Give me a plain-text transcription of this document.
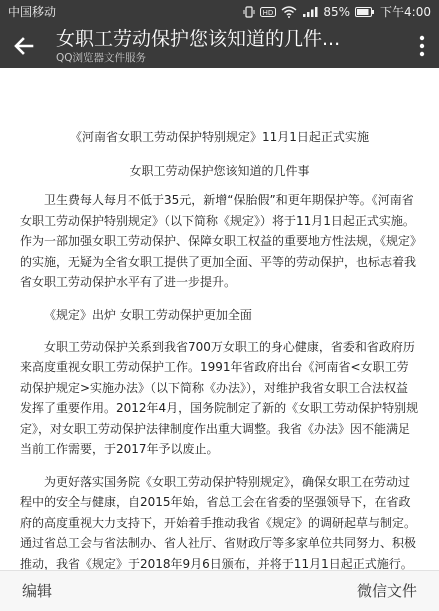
中国移动	HD	85%	下午4:00
女职工劳动保护您该知道的几件...
QQ浏览器文件服务

《河南省女职工劳动保护特别规定》11月1日起正式实施

女职工劳动保护您该知道的几件事

卫生费每人每月不低于35元，新增“保胎假”和更年期保护等。《河南省女职工劳动保护特别规定》（以下简称《规定》）将于11月1日起正式实施。作为一部加强女职工劳动保护、保障女职工权益的重要地方性法规，《规定》的实施，无疑为全省女职工提供了更加全面、平等的劳动保护，也标志着我省女职工劳动保护水平有了进一步提升。

《规定》出炉 女职工劳动保护更加全面

女职工劳动保护关系到我省700万女职工的身心健康，省委和省政府历来高度重视女职工劳动保护工作。1991年省政府出台《河南省<女职工劳动保护规定>实施办法》（以下简称《办法》），对维护我省女职工合法权益发挥了重要作用。2012年4月，国务院制定了新的《女职工劳动保护特别规定》，对女职工劳动保护法律制度作出重大调整。我省《办法》因不能满足当前工作需要，于2017年予以废止。

为更好落实国务院《女职工劳动保护特别规定》，确保女职工在劳动过程中的安全与健康，自2015年始，省总工会在省委的坚强领导下，在省政府的高度重视大力支持下，开始着手推动我省《规定》的调研起草与制定。通过省总工会与省法制办、省人社厅、省财政厅等多家单位共同努力、积极推动，我省《规定》于2018年9月6日颁布，并将于11月1日起正式施行。

编辑	微信文件
